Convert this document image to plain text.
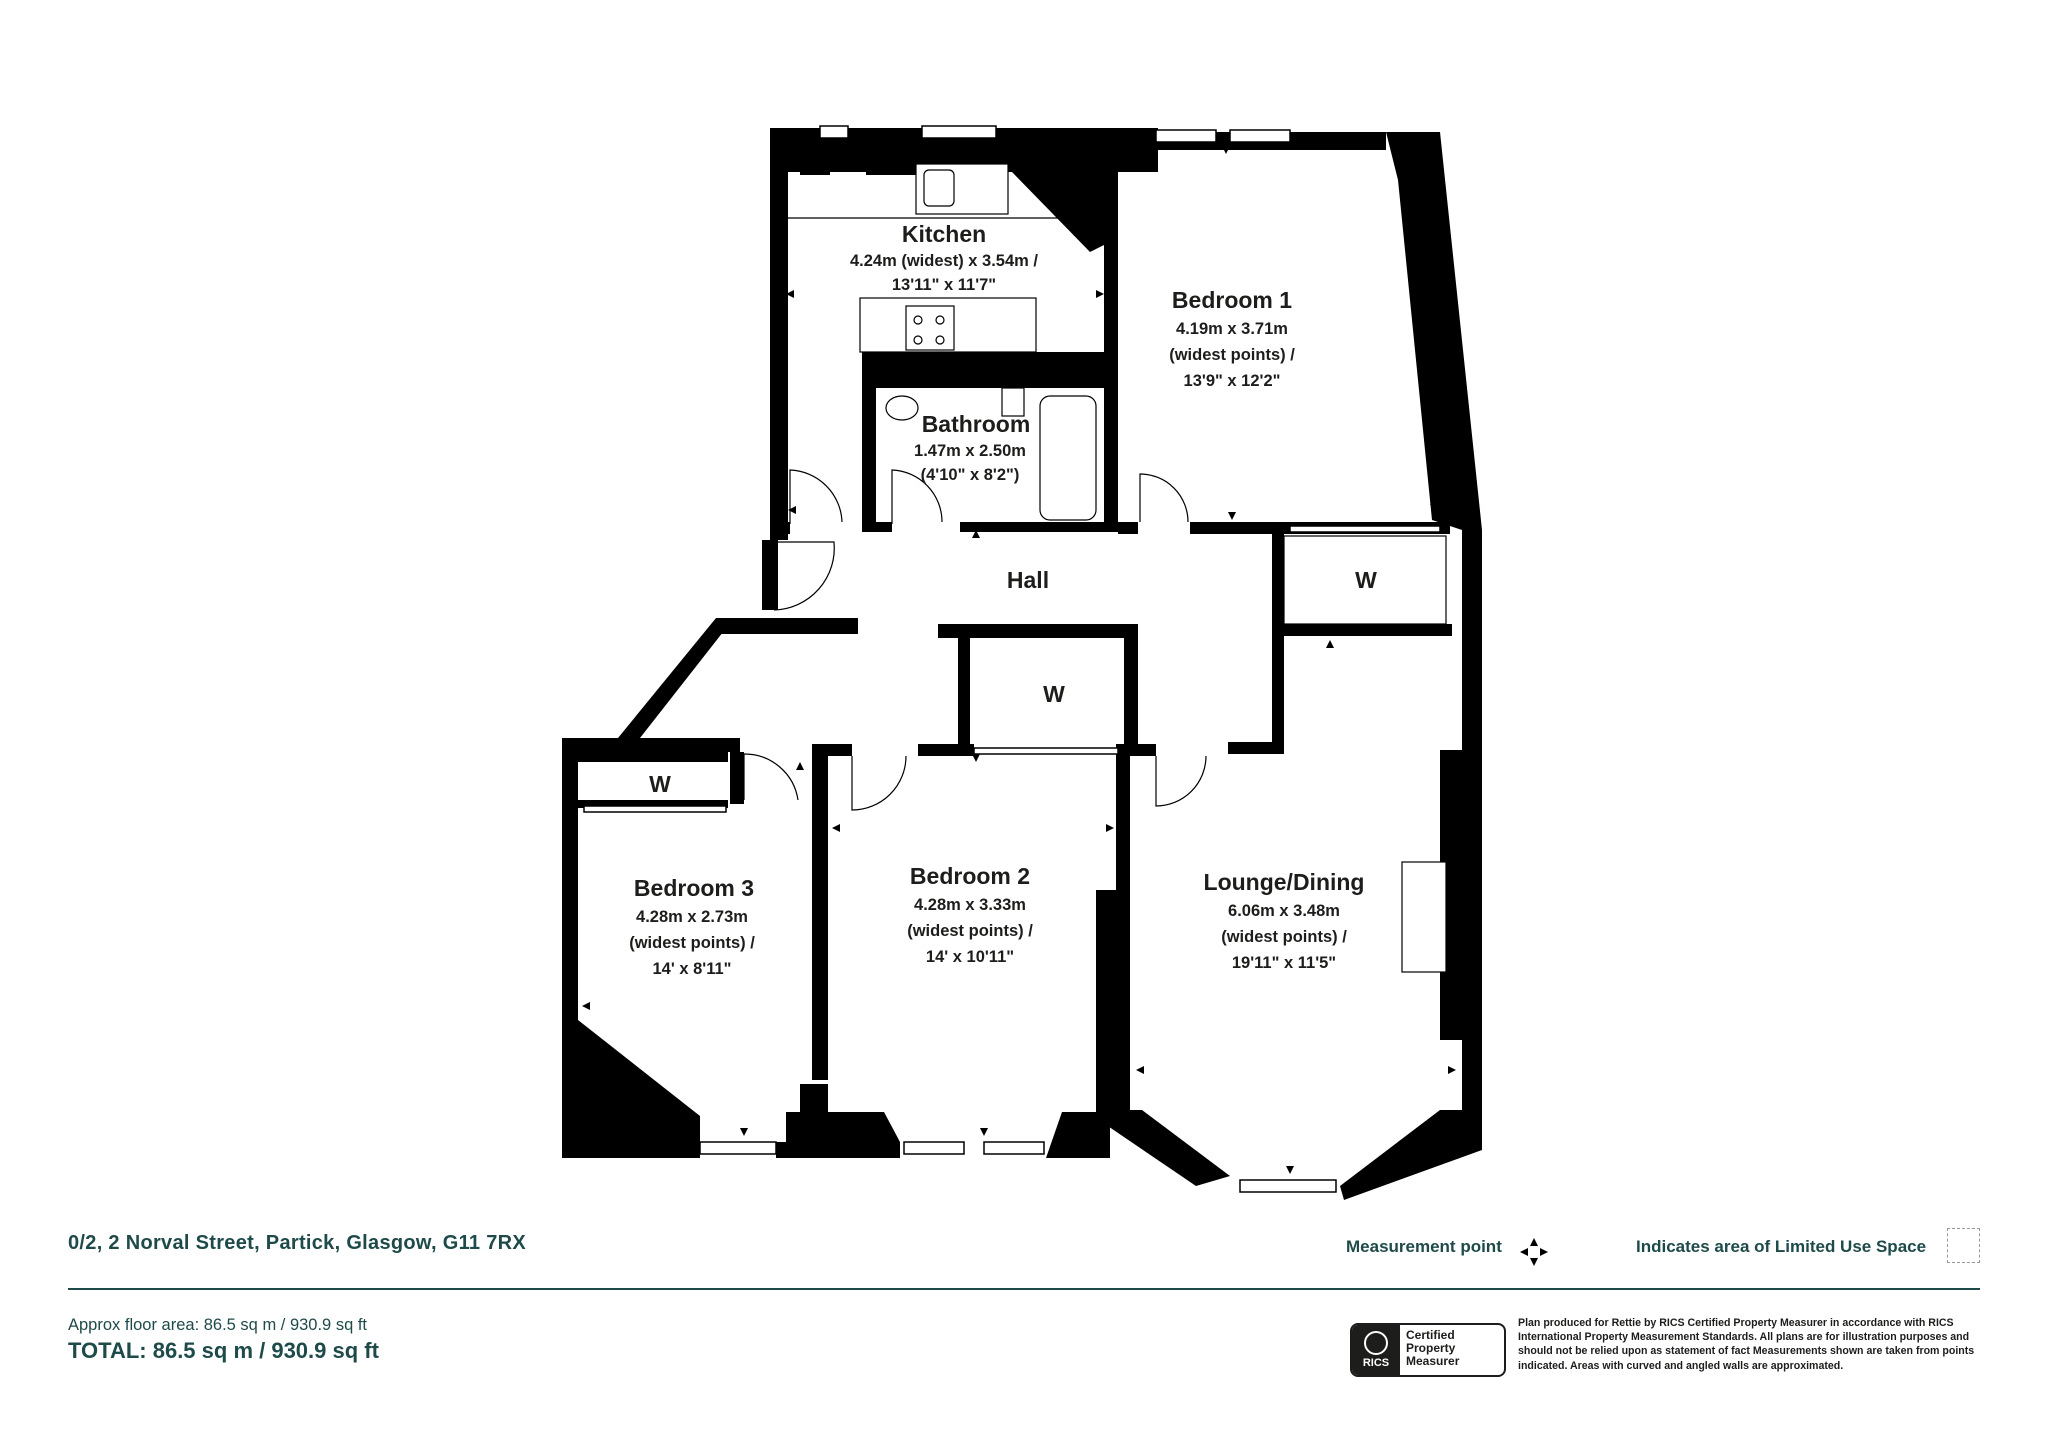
Kitchen
4.24m (widest) x 3.54m /
13'11" x 11'7"
Bedroom 1
4.19m x 3.71m
(widest points) /
13'9" x 12'2"
Bathroom
1.47m x 2.50m
(4'10" x 8'2")
Hall	W
W
W
Bedroom 3
4.28m x 2.73m
(widest points) /
14' x 8'11"
Bedroom 2
4.28m x 3.33m
(widest points) /
14' x 10'11"
Lounge/Dining
6.06m x 3.48m
(widest points) /
19'11" x 11'5"
0/2, 2 Norval Street, Partick, Glasgow, G11 7RX	Measurement point	Indicates area of Limited Use Space
Approx floor area: 86.5 sq m / 930.9 sq ft
TOTAL: 86.5 sq m / 930.9 sq ft	RICS
Certified
Property
Measurer
Plan produced for Rettie by RICS Certified Property Measurer in accordance with RICS International Property Measurement Standards. All plans are for illustration purposes and should not be relied upon as statement of fact Measurements shown are taken from points indicated. Areas with curved and angled walls are approximated.
